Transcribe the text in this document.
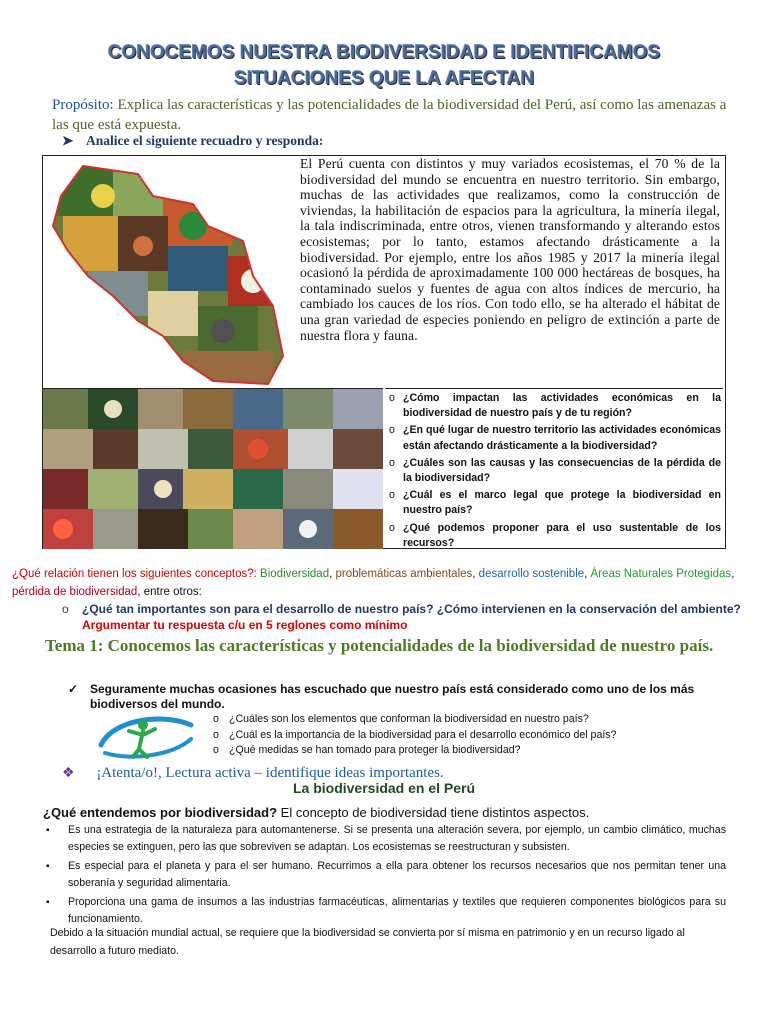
CONOCEMOS NUESTRA BIODIVERSIDAD E IDENTIFICAMOS
SITUACIONES QUE LA AFECTAN
Propósito: Explica las características y las potencialidades de la biodiversidad del Perú, así como las amenazas a las que está expuesta.
➤ Analice el siguiente recuadro y responda:
El Perú cuenta con distintos y muy variados ecosistemas, el 70 % de la biodiversidad del mundo se encuentra en nuestro territorio. Sin embargo, muchas de las actividades que realizamos, como la construcción de viviendas, la habilitación de espacios para la agricultura, la minería ilegal, la tala indiscriminada, entre otros, vienen transformando y alterando estos ecosistemas; por lo tanto, estamos afectando drásticamente a la biodiversidad. Por ejemplo, entre los años 1985 y 2017 la minería ilegal ocasionó la pérdida de aproximadamente 100 000 hectáreas de bosques, ha contaminado suelos y fuentes de agua con altos índices de mercurio, ha cambiado los cauces de los ríos. Con todo ello, se ha alterado el hábitat de una gran variedad de especies poniendo en peligro de extinción a parte de nuestra flora y fauna.
o ¿Cómo impactan las actividades económicas en la biodiversidad de nuestro país y de tu región?
o ¿En qué lugar de nuestro territorio las actividades económicas están afectando drásticamente a la biodiversidad?
o ¿Cuáles son las causas y las consecuencias de la pérdida de la biodiversidad?
o ¿Cuál es el marco legal que protege la biodiversidad en nuestro país?
o ¿Qué podemos proponer para el uso sustentable de los recursos?
¿Qué relación tienen los siguientes conceptos?: Biodiversidad, problemáticas ambientales, desarrollo sostenible, Áreas Naturales Protegidas, pérdida de biodiversidad, entre otros:
o ¿Qué tan importantes son para el desarrollo de nuestro país? ¿Cómo intervienen en la conservación del ambiente? Argumentar tu respuesta c/u en 5 reglones como mínimo
Tema 1: Conocemos las características y potencialidades de la biodiversidad de nuestro país.
✓ Seguramente muchas ocasiones has escuchado que nuestro país está considerado como uno de los más biodiversos del mundo.
o ¿Cuáles son los elementos que conforman la biodiversidad en nuestro país?
o ¿Cuál es la importancia de la biodiversidad para el desarrollo económico del país?
o ¿Qué medidas se han tomado para proteger la biodiversidad?
❖ ¡Atenta/o!, Lectura activa – identifique ideas importantes.
La biodiversidad en el Perú
¿Qué entendemos por biodiversidad? El concepto de biodiversidad tiene distintos aspectos.
▪ Es una estrategia de la naturaleza para automantenerse. Si se presenta una alteración severa, por ejemplo, un cambio climático, muchas especies se extinguen, pero las que sobreviven se adaptan. Los ecosistemas se reestructuran y subsisten.
▪ Es especial para el planeta y para el ser humano. Recurrimos a ella para obtener los recursos necesarios que nos permitan tener una soberanía y seguridad alimentaria.
▪ Proporciona una gama de insumos a las industrias farmacéuticas, alimentarias y textiles que requieren componentes biológicos para su funcionamiento.
Debido a la situación mundial actual, se requiere que la biodiversidad se convierta por sí misma en patrimonio y en un recurso ligado al desarrollo a futuro mediato.
